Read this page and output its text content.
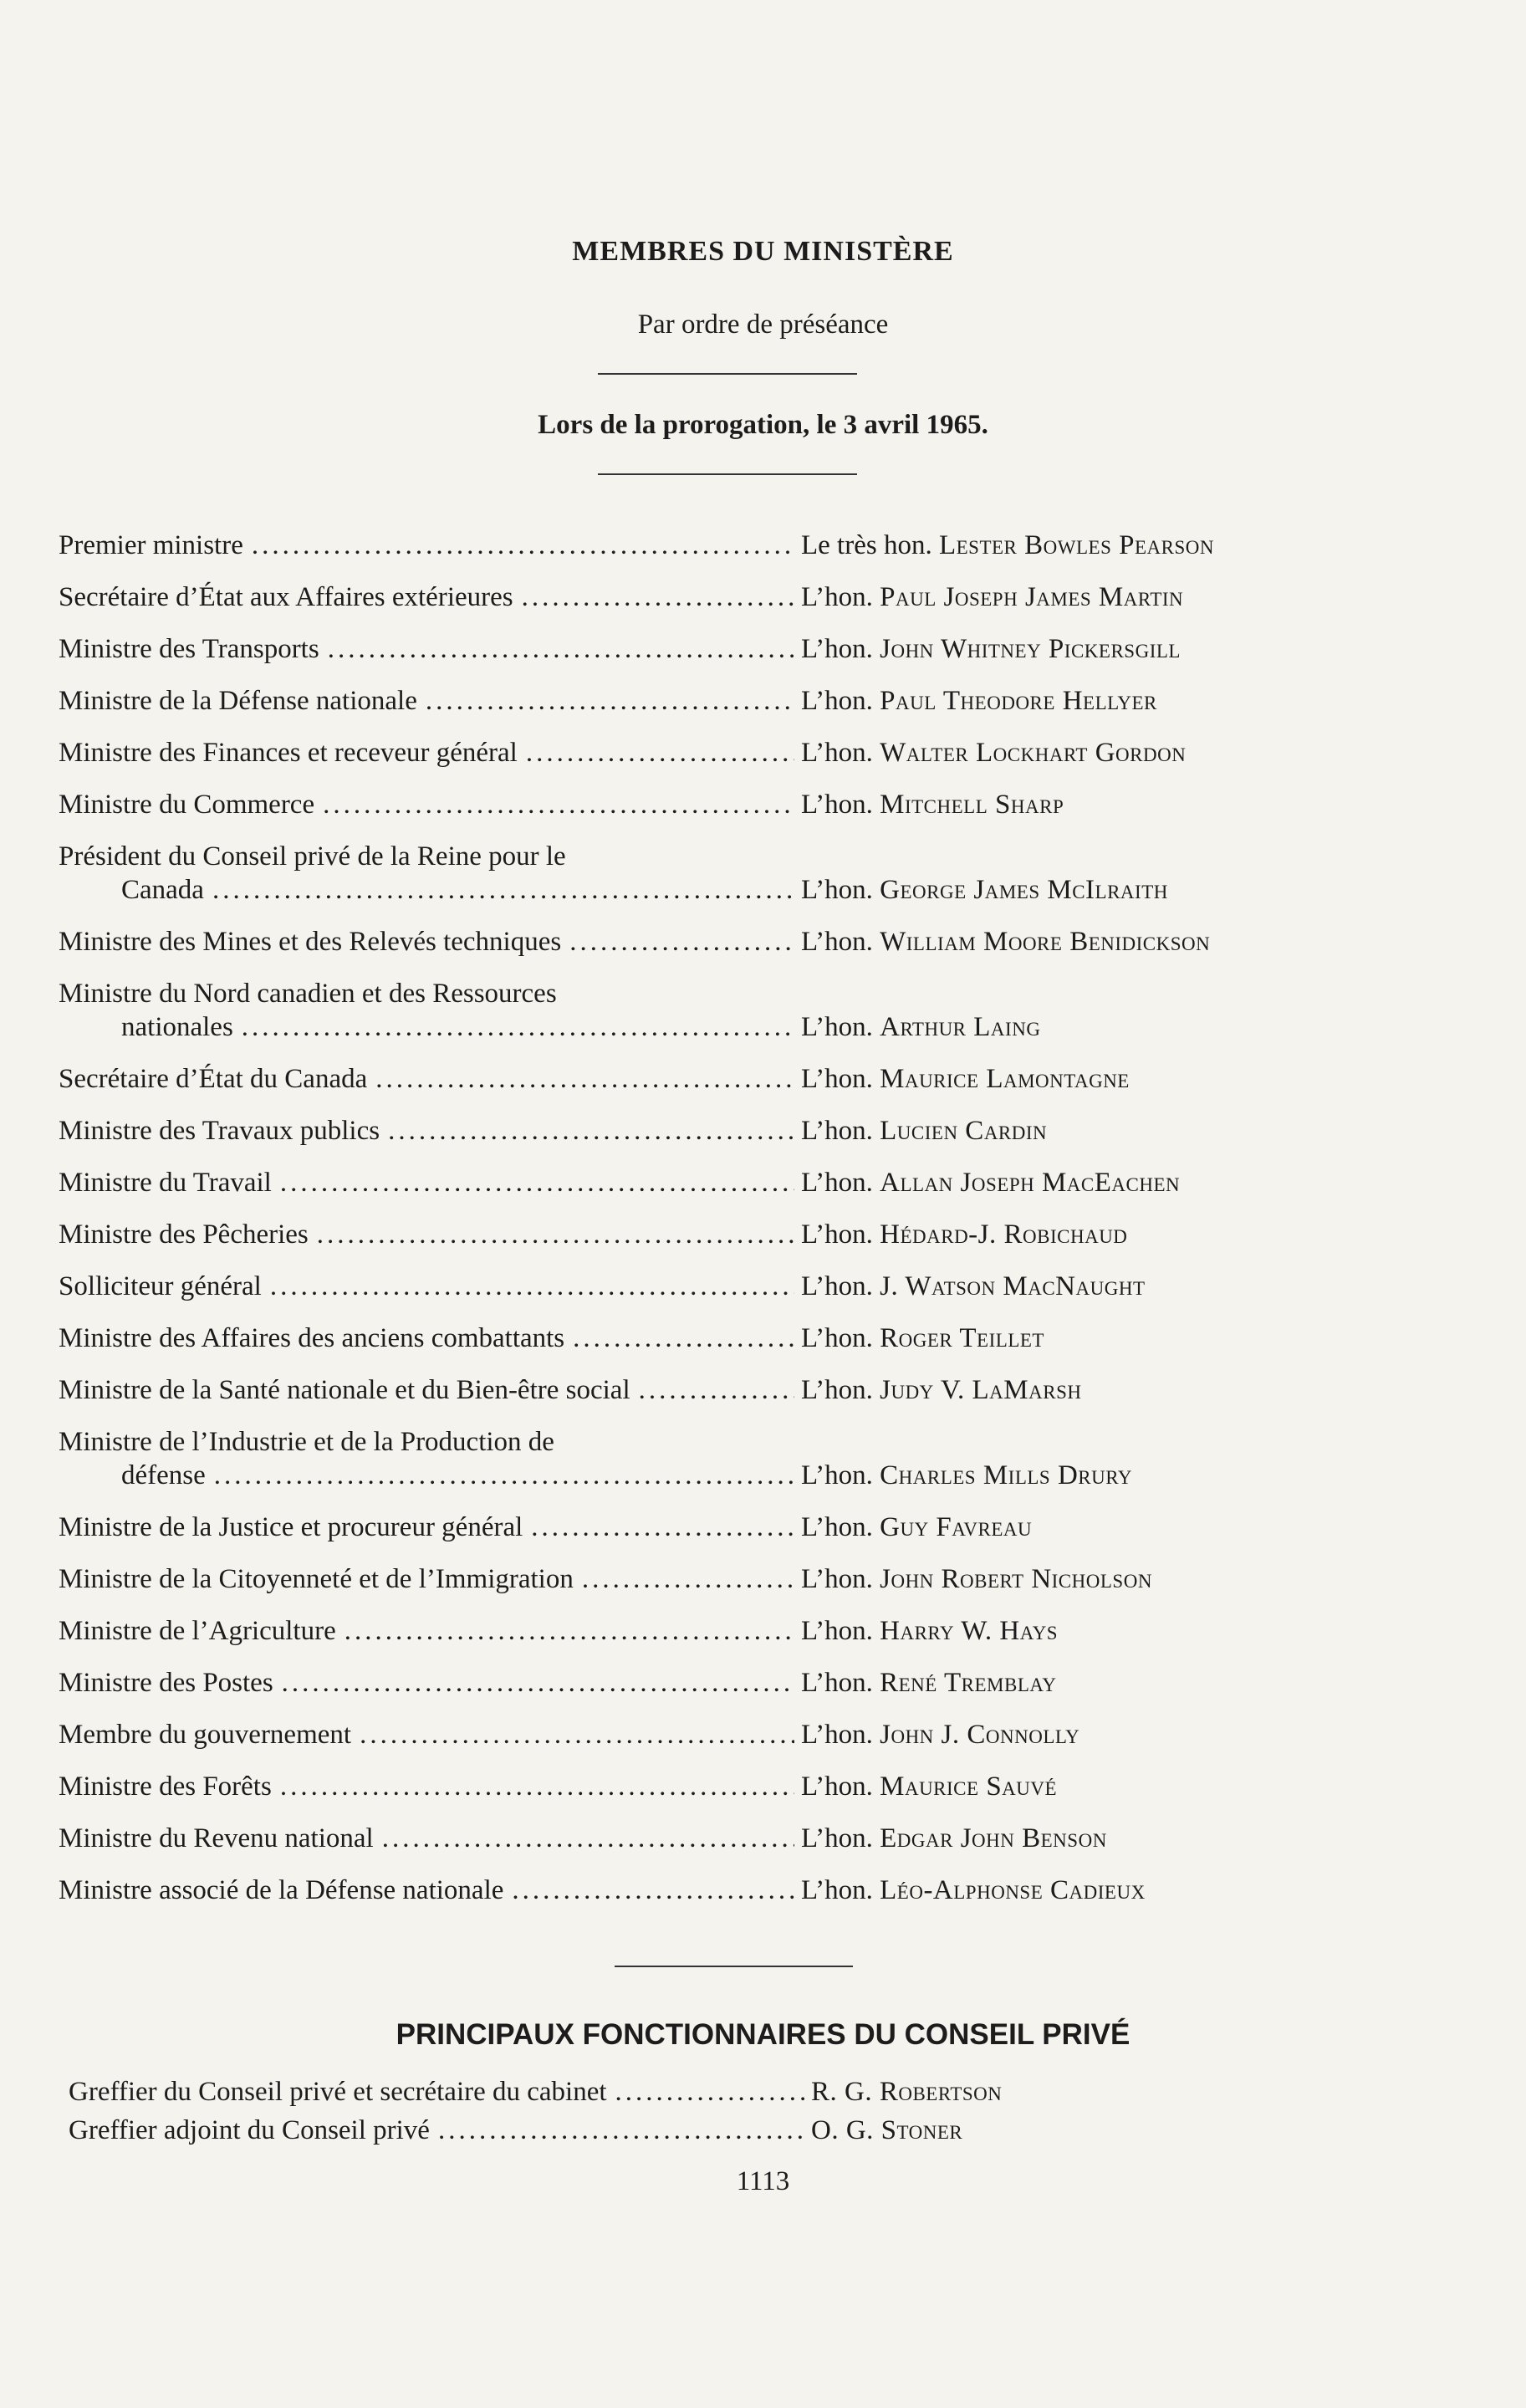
MEMBRES DU MINISTÈRE
Par ordre de préséance
Lors de la prorogation, le 3 avril 1965.
Premier ministre .....	Le très hon. Lester Bowles Pearson
Secrétaire d’État aux Affaires extérieures .....	L’hon. Paul Joseph James Martin
Ministre des Transports .....	L’hon. John Whitney Pickersgill
Ministre de la Défense nationale .....	L’hon. Paul Theodore Hellyer
Ministre des Finances et receveur général .....	L’hon. Walter Lockhart Gordon
Ministre du Commerce .....	L’hon. Mitchell Sharp
Président du Conseil privé de la Reine pour le
Canada .....	L’hon. George James McIlraith
Ministre des Mines et des Relevés techniques .....	L’hon. William Moore Benidickson
Ministre du Nord canadien et des Ressources
nationales .....	L’hon. Arthur Laing
Secrétaire d’État du Canada .....	L’hon. Maurice Lamontagne
Ministre des Travaux publics .....	L’hon. Lucien Cardin
Ministre du Travail .....	L’hon. Allan Joseph MacEachen
Ministre des Pêcheries .....	L’hon. Hédard-J. Robichaud
Solliciteur général .....	L’hon. J. Watson MacNaught
Ministre des Affaires des anciens combattants .....	L’hon. Roger Teillet
Ministre de la Santé nationale et du Bien-être social .....	L’hon. Judy V. LaMarsh
Ministre de l’Industrie et de la Production de
défense .....	L’hon. Charles Mills Drury
Ministre de la Justice et procureur général .....	L’hon. Guy Favreau
Ministre de la Citoyenneté et de l’Immigration .....	L’hon. John Robert Nicholson
Ministre de l’Agriculture .....	L’hon. Harry W. Hays
Ministre des Postes .....	L’hon. René Tremblay
Membre du gouvernement .....	L’hon. John J. Connolly
Ministre des Forêts .....	L’hon. Maurice Sauvé
Ministre du Revenu national .....	L’hon. Edgar John Benson
Ministre associé de la Défense nationale .....	L’hon. Léo-Alphonse Cadieux
PRINCIPAUX FONCTIONNAIRES DU CONSEIL PRIVÉ
Greffier du Conseil privé et secrétaire du cabinet .....	R. G. Robertson
Greffier adjoint du Conseil privé .....	O. G. Stoner
1113
